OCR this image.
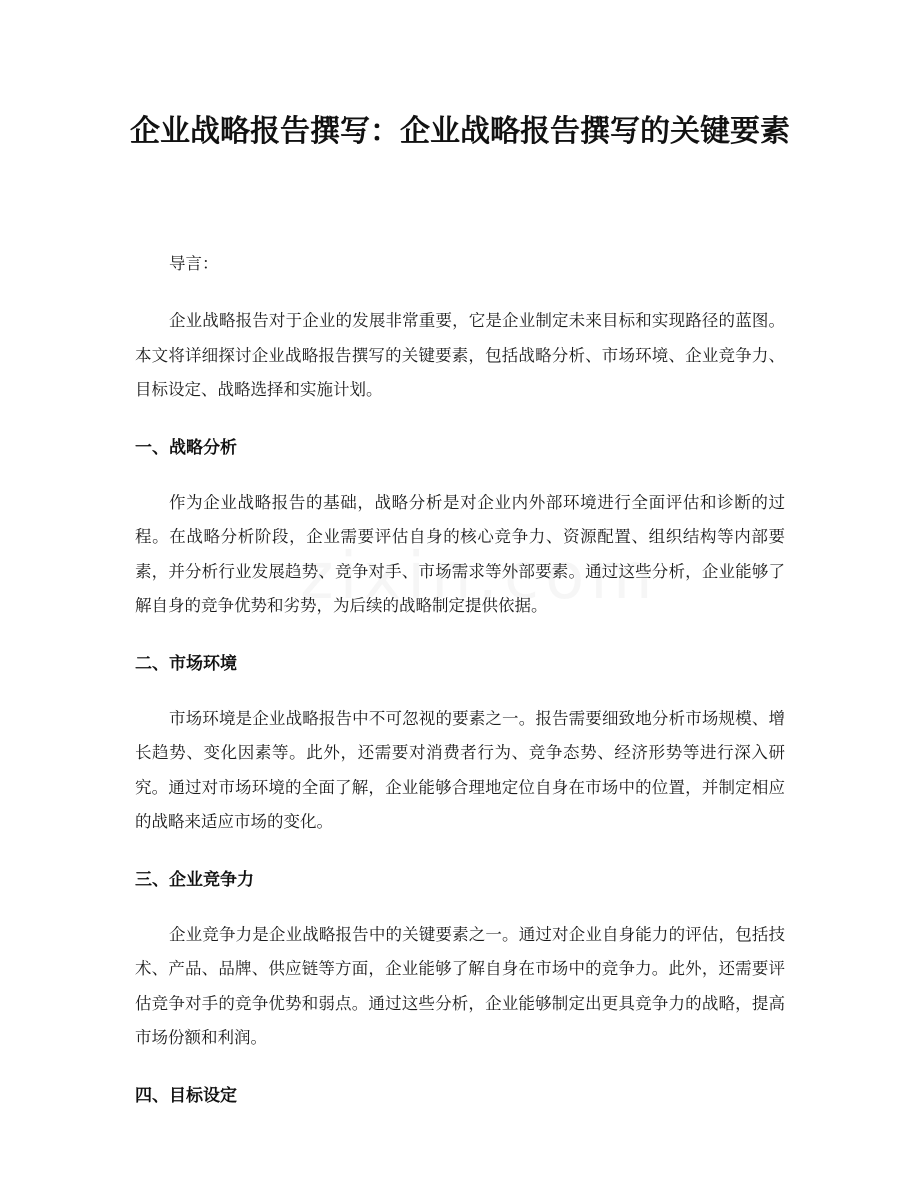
企业战略报告撰写：企业战略报告撰写的关键要素

导言：

企业战略报告对于企业的发展非常重要，它是企业制定未来目标和实现路径的蓝图。本文将详细探讨企业战略报告撰写的关键要素，包括战略分析、市场环境、企业竞争力、目标设定、战略选择和实施计划。

一、战略分析

作为企业战略报告的基础，战略分析是对企业内外部环境进行全面评估和诊断的过程。在战略分析阶段，企业需要评估自身的核心竞争力、资源配置、组织结构等内部要素，并分析行业发展趋势、竞争对手、市场需求等外部要素。通过这些分析，企业能够了解自身的竞争优势和劣势，为后续的战略制定提供依据。

二、市场环境

市场环境是企业战略报告中不可忽视的要素之一。报告需要细致地分析市场规模、增长趋势、变化因素等。此外，还需要对消费者行为、竞争态势、经济形势等进行深入研究。通过对市场环境的全面了解，企业能够合理地定位自身在市场中的位置，并制定相应的战略来适应市场的变化。

三、企业竞争力

企业竞争力是企业战略报告中的关键要素之一。通过对企业自身能力的评估，包括技术、产品、品牌、供应链等方面，企业能够了解自身在市场中的竞争力。此外，还需要评估竞争对手的竞争优势和弱点。通过这些分析，企业能够制定出更具竞争力的战略，提高市场份额和利润。

四、目标设定
